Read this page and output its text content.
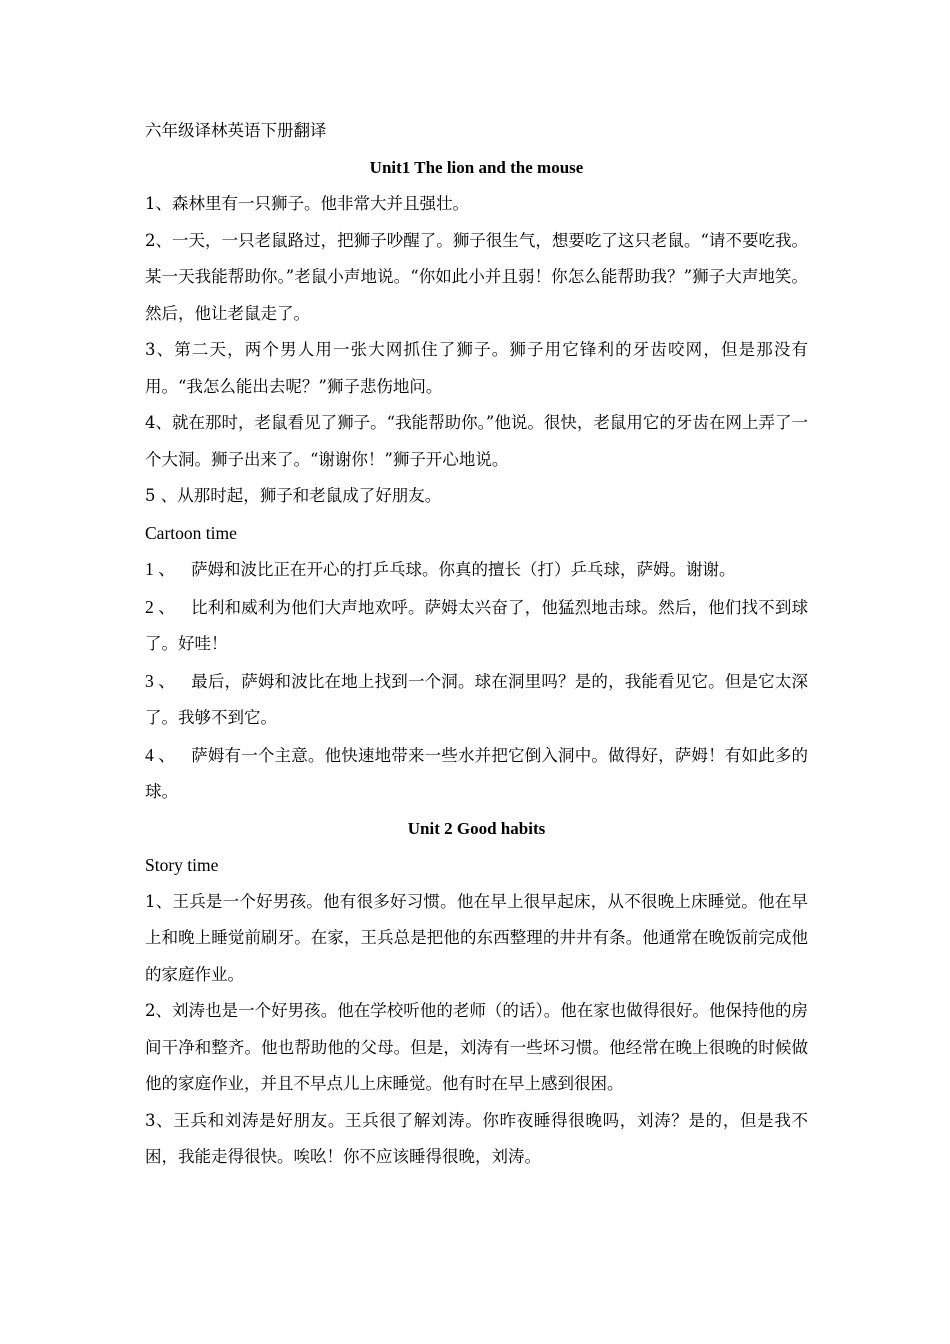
六年级译林英语下册翻译

Unit1 The lion and the mouse

1、森林里有一只狮子。他非常大并且强壮。

2、一天，一只老鼠路过，把狮子吵醒了。狮子很生气，想要吃了这只老鼠。“请不要吃我。某一天我能帮助你。”老鼠小声地说。“你如此小并且弱！你怎么能帮助我？”狮子大声地笑。然后，他让老鼠走了。

3、第二天，两个男人用一张大网抓住了狮子。狮子用它锋利的牙齿咬网，但是那没有用。“我怎么能出去呢？”狮子悲伤地问。

4、就在那时，老鼠看见了狮子。“我能帮助你。”他说。很快，老鼠用它的牙齿在网上弄了一个大洞。狮子出来了。“谢谢你！”狮子开心地说。

5 、从那时起，狮子和老鼠成了好朋友。

Cartoon time

1 、 萨姆和波比正在开心的打乒乓球。你真的擅长（打）乒乓球，萨姆。谢谢。

2 、 比利和威利为他们大声地欢呼。萨姆太兴奋了，他猛烈地击球。然后，他们找不到球了。好哇！

3 、 最后，萨姆和波比在地上找到一个洞。球在洞里吗？是的，我能看见它。但是它太深了。我够不到它。

4 、 萨姆有一个主意。他快速地带来一些水并把它倒入洞中。做得好，萨姆！有如此多的球。

Unit 2 Good habits

Story time

1、王兵是一个好男孩。他有很多好习惯。他在早上很早起床，从不很晚上床睡觉。他在早上和晚上睡觉前刷牙。在家，王兵总是把他的东西整理的井井有条。他通常在晚饭前完成他的家庭作业。

2、刘涛也是一个好男孩。他在学校听他的老师（的话）。他在家也做得很好。他保持他的房间干净和整齐。他也帮助他的父母。但是，刘涛有一些坏习惯。他经常在晚上很晚的时候做他的家庭作业，并且不早点儿上床睡觉。他有时在早上感到很困。

3、王兵和刘涛是好朋友。王兵很了解刘涛。你昨夜睡得很晚吗，刘涛？是的，但是我不困，我能走得很快。唉吆！你不应该睡得很晚，刘涛。
